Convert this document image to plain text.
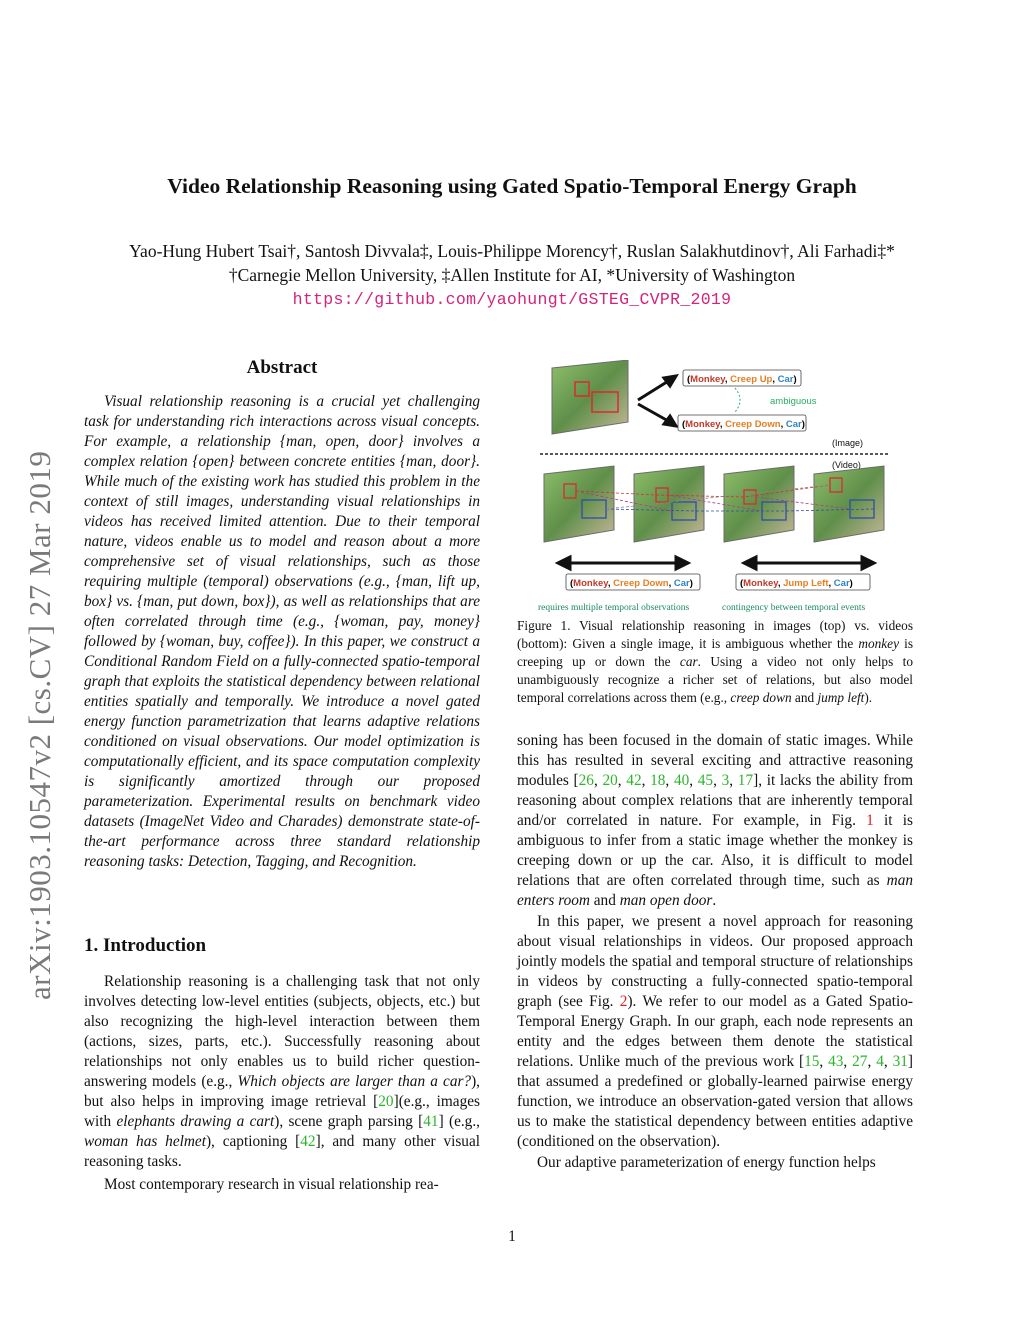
Video Relationship Reasoning using Gated Spatio-Temporal Energy Graph
Yao-Hung Hubert Tsai†, Santosh Divvala‡, Louis-Philippe Morency†, Ruslan Salakhutdinov†, Ali Farhadi‡*
†Carnegie Mellon University, ‡Allen Institute for AI, *University of Washington
https://github.com/yaohungt/GSTEG_CVPR_2019
arXiv:1903.10547v2 [cs.CV] 27 Mar 2019
Abstract
Visual relationship reasoning is a crucial yet challenging task for understanding rich interactions across visual concepts. For example, a relationship {man, open, door} involves a complex relation {open} between concrete entities {man, door}. While much of the existing work has studied this problem in the context of still images, understanding visual relationships in videos has received limited attention. Due to their temporal nature, videos enable us to model and reason about a more comprehensive set of visual relationships, such as those requiring multiple (temporal) observations (e.g., {man, lift up, box} vs. {man, put down, box}), as well as relationships that are often correlated through time (e.g., {woman, pay, money} followed by {woman, buy, coffee}). In this paper, we construct a Conditional Random Field on a fully-connected spatio-temporal graph that exploits the statistical dependency between relational entities spatially and temporally. We introduce a novel gated energy function parametrization that learns adaptive relations conditioned on visual observations. Our model optimization is computationally efficient, and its space computation complexity is significantly amortized through our proposed parameterization. Experimental results on benchmark video datasets (ImageNet Video and Charades) demonstrate state-of-the-art performance across three standard relationship reasoning tasks: Detection, Tagging, and Recognition.
1. Introduction

Relationship reasoning is a challenging task that not only involves detecting low-level entities (subjects, objects, etc.) but also recognizing the high-level interaction between them (actions, sizes, parts, etc.). Successfully reasoning about relationships not only enables us to build richer question-answering models (e.g., Which objects are larger than a car?), but also helps in improving image retrieval [20](e.g., images with elephants drawing a cart), scene graph parsing [41] (e.g., woman has helmet), captioning [42], and many other visual reasoning tasks.

Most contemporary research in visual relationship rea-

(Monkey, Creep Up, Car)
(Monkey, Creep Down, Car)
ambiguous
(Image)
(Video)
(Monkey, Creep Down, Car)	(Monkey, Jump Left, Car)
requires multiple temporal observations	contingency between temporal events
Figure 1. Visual relationship reasoning in images (top) vs. videos (bottom): Given a single image, it is ambiguous whether the monkey is creeping up or down the car. Using a video not only helps to unambiguously recognize a richer set of relations, but also model temporal correlations across them (e.g., creep down and jump left).

soning has been focused in the domain of static images. While this has resulted in several exciting and attractive reasoning modules [26, 20, 42, 18, 40, 45, 3, 17], it lacks the ability from reasoning about complex relations that are inherently temporal and/or correlated in nature. For example, in Fig. 1 it is ambiguous to infer from a static image whether the monkey is creeping down or up the car. Also, it is difficult to model relations that are often correlated through time, such as man enters room and man open door.

In this paper, we present a novel approach for reasoning about visual relationships in videos. Our proposed approach jointly models the spatial and temporal structure of relationships in videos by constructing a fully-connected spatio-temporal graph (see Fig. 2). We refer to our model as a Gated Spatio-Temporal Energy Graph. In our graph, each node represents an entity and the edges between them denote the statistical relations. Unlike much of the previous work [15, 43, 27, 4, 31] that assumed a predefined or globally-learned pairwise energy function, we introduce an observation-gated version that allows us to make the statistical dependency between entities adaptive (conditioned on the observation).

Our adaptive parameterization of energy function helps

1
